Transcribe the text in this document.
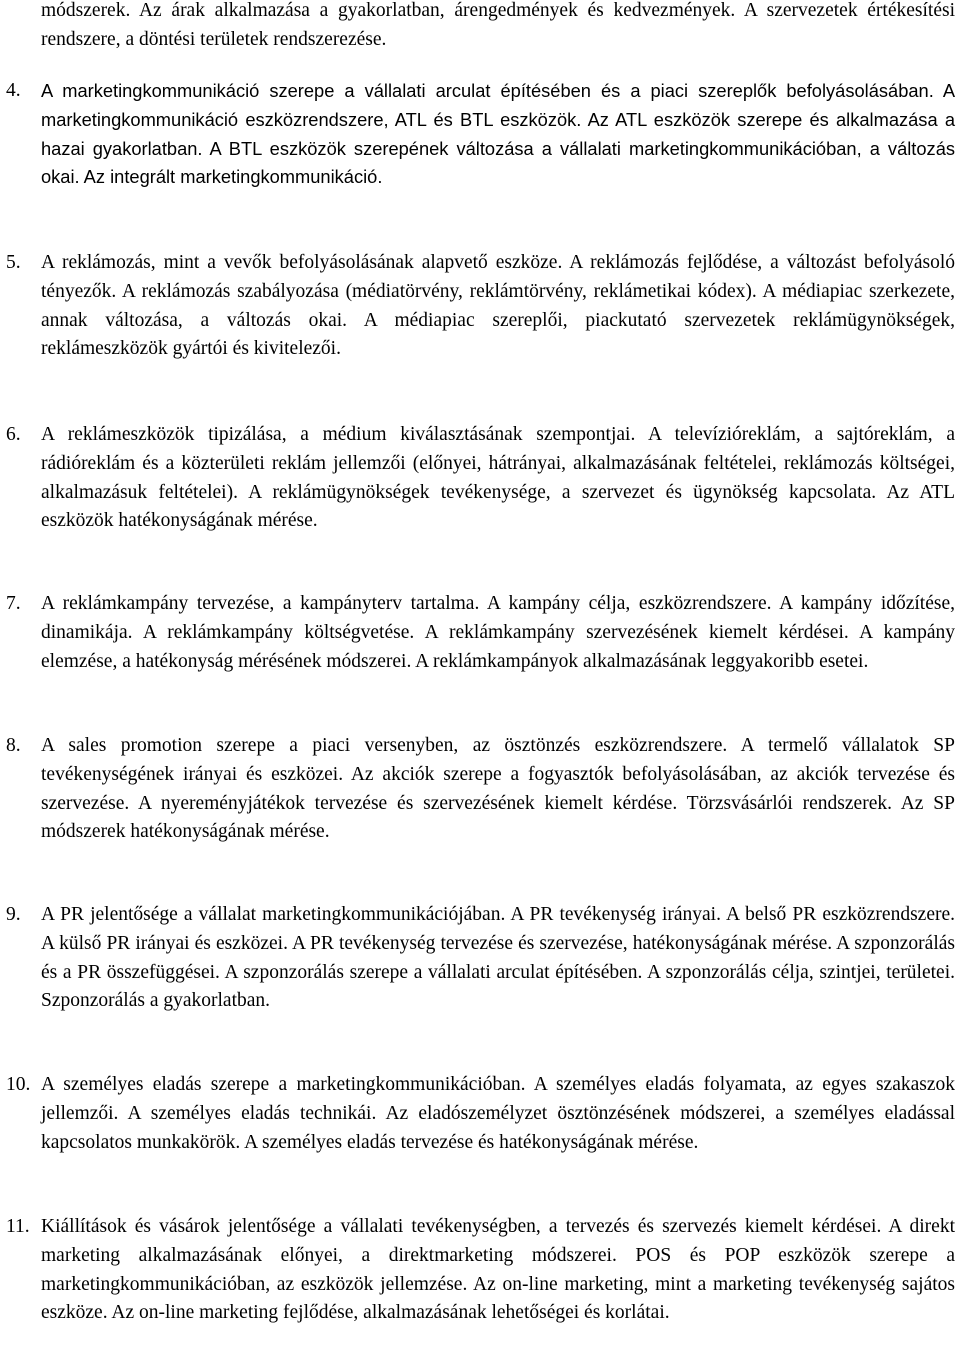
módszerek. Az árak alkalmazása a gyakorlatban, árengedmények és kedvezmények. A szervezetek értékesítési rendszere, a döntési területek rendszerezése.
4. A marketingkommunikáció szerepe a vállalati arculat építésében és a piaci szereplők befolyásolásában. A marketingkommunikáció eszközrendszere, ATL és BTL eszközök. Az ATL eszközök szerepe és alkalmazása a hazai gyakorlatban. A BTL eszközök szerepének változása a vállalati marketingkommunikációban, a változás okai. Az integrált marketingkommunikáció.
5. A reklámozás, mint a vevők befolyásolásának alapvető eszköze. A reklámozás fejlődése, a változást befolyásoló tényezők. A reklámozás szabályozása (médiatörvény, reklámtörvény, reklámetikai kódex). A médiapiac szerkezete, annak változása, a változás okai. A médiapiac szereplői, piackutató szervezetek reklámügynökségek, reklámeszközök gyártói és kivitelezői.
6. A reklámeszközök tipizálása, a médium kiválasztásának szempontjai. A televízióreklám, a sajtóreklám, a rádióreklám és a közterületi reklám jellemzői (előnyei, hátrányai, alkalmazásának feltételei, reklámozás költségei, alkalmazásuk feltételei). A reklámügynökségek tevékenysége, a szervezet és ügynökség kapcsolata. Az ATL eszközök hatékonyságának mérése.
7. A reklámkampány tervezése, a kampányterv tartalma. A kampány célja, eszközrendszere. A kampány időzítése, dinamikája. A reklámkampány költségvetése. A reklámkampány szervezésének kiemelt kérdései. A kampány elemzése, a hatékonyság mérésének módszerei. A reklámkampányok alkalmazásának leggyakoribb esetei.
8. A sales promotion szerepe a piaci versenyben, az ösztönzés eszközrendszere. A termelő vállalatok SP tevékenységének irányai és eszközei. Az akciók szerepe a fogyasztók befolyásolásában, az akciók tervezése és szervezése. A nyereményjátékok tervezése és szervezésének kiemelt kérdése. Törzsvásárlói rendszerek. Az SP módszerek hatékonyságának mérése.
9. A PR jelentősége a vállalat marketingkommunikációjában. A PR tevékenység irányai. A belső PR eszközrendszere. A külső PR irányai és eszközei. A PR tevékenység tervezése és szervezése, hatékonyságának mérése. A szponzorálás és a PR összefüggései. A szponzorálás szerepe a vállalati arculat építésében. A szponzorálás célja, szintjei, területei. Szponzorálás a gyakorlatban.
10. A személyes eladás szerepe a marketingkommunikációban. A személyes eladás folyamata, az egyes szakaszok jellemzői. A személyes eladás technikái. Az eladószemélyzet ösztönzésének módszerei, a személyes eladással kapcsolatos munkakörök. A személyes eladás tervezése és hatékonyságának mérése.
11. Kiállítások és vásárok jelentősége a vállalati tevékenységben, a tervezés és szervezés kiemelt kérdései. A direkt marketing alkalmazásának előnyei, a direktmarketing módszerei. POS és POP eszközök szerepe a marketingkommunikációban, az eszközök jellemzése. Az on-line marketing, mint a marketing tevékenység sajátos eszköze. Az on-line marketing fejlődése, alkalmazásának lehetőségei és korlátai.
